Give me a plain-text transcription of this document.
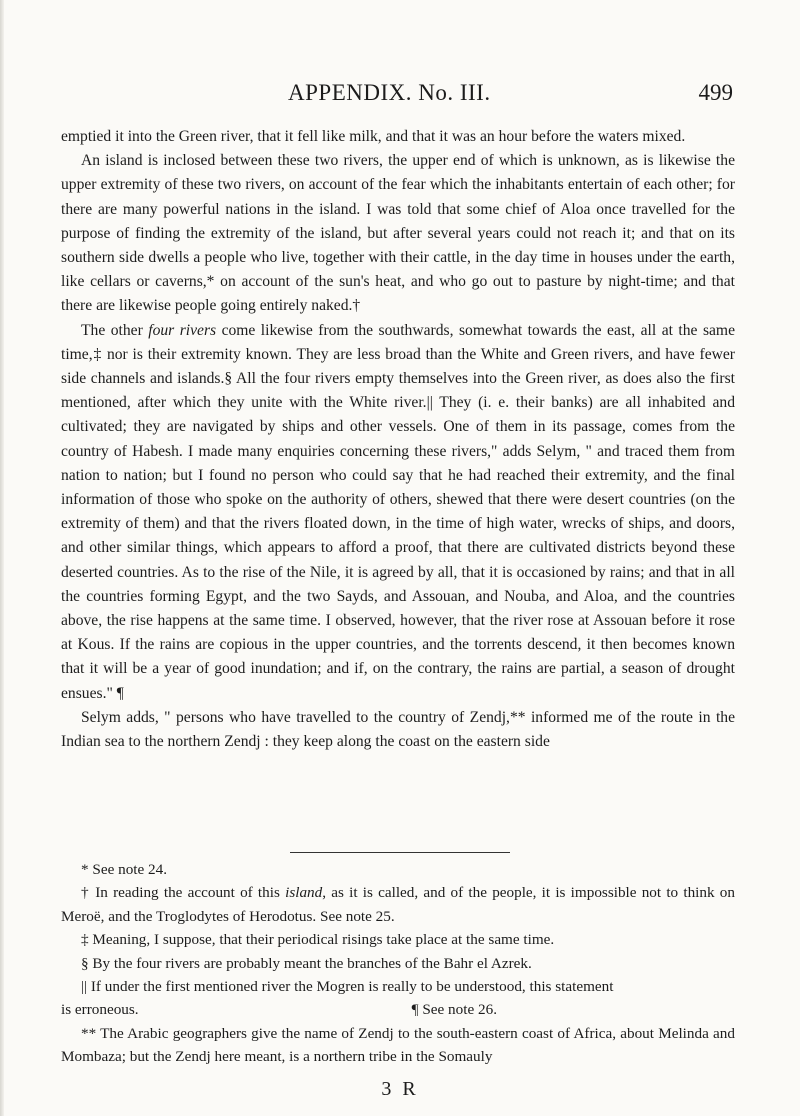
APPENDIX. No. III.	499

emptied it into the Green river, that it fell like milk, and that it was an hour before the waters mixed.

An island is inclosed between these two rivers, the upper end of which is unknown, as is likewise the upper extremity of these two rivers, on account of the fear which the inhabitants entertain of each other; for there are many powerful nations in the island. I was told that some chief of Aloa once travelled for the purpose of finding the extremity of the island, but after several years could not reach it; and that on its southern side dwells a people who live, together with their cattle, in the day time in houses under the earth, like cellars or caverns,* on account of the sun's heat, and who go out to pasture by night-time; and that there are likewise people going entirely naked.†

The other four rivers come likewise from the southwards, somewhat towards the east, all at the same time,‡ nor is their extremity known. They are less broad than the White and Green rivers, and have fewer side channels and islands.§ All the four rivers empty themselves into the Green river, as does also the first mentioned, after which they unite with the White river.|| They (i. e. their banks) are all inhabited and cultivated; they are navigated by ships and other vessels. One of them in its passage, comes from the country of Habesh. I made many enquiries concerning these rivers," adds Selym, " and traced them from nation to nation; but I found no person who could say that he had reached their extremity, and the final information of those who spoke on the authority of others, shewed that there were desert countries (on the extremity of them) and that the rivers floated down, in the time of high water, wrecks of ships, and doors, and other similar things, which appears to afford a proof, that there are cultivated districts beyond these deserted countries. As to the rise of the Nile, it is agreed by all, that it is occasioned by rains; and that in all the countries forming Egypt, and the two Sayds, and Assouan, and Nouba, and Aloa, and the countries above, the rise happens at the same time. I observed, however, that the river rose at Assouan before it rose at Kous. If the rains are copious in the upper countries, and the torrents descend, it then becomes known that it will be a year of good inundation; and if, on the contrary, the rains are partial, a season of drought ensues." ¶

Selym adds, " persons who have travelled to the country of Zendj,** informed me of the route in the Indian sea to the northern Zendj : they keep along the coast on the eastern side

* See note 24.

† In reading the account of this island, as it is called, and of the people, it is impossible not to think on Meroë, and the Troglodytes of Herodotus. See note 25.

‡ Meaning, I suppose, that their periodical risings take place at the same time.

§ By the four rivers are probably meant the branches of the Bahr el Azrek.

|| If under the first mentioned river the Mogren is really to be understood, this statement

is erroneous.	¶ See note 26.

** The Arabic geographers give the name of Zendj to the south-eastern coast of Africa, about Melinda and Mombaza; but the Zendj here meant, is a northern tribe in the Somauly

3 R
